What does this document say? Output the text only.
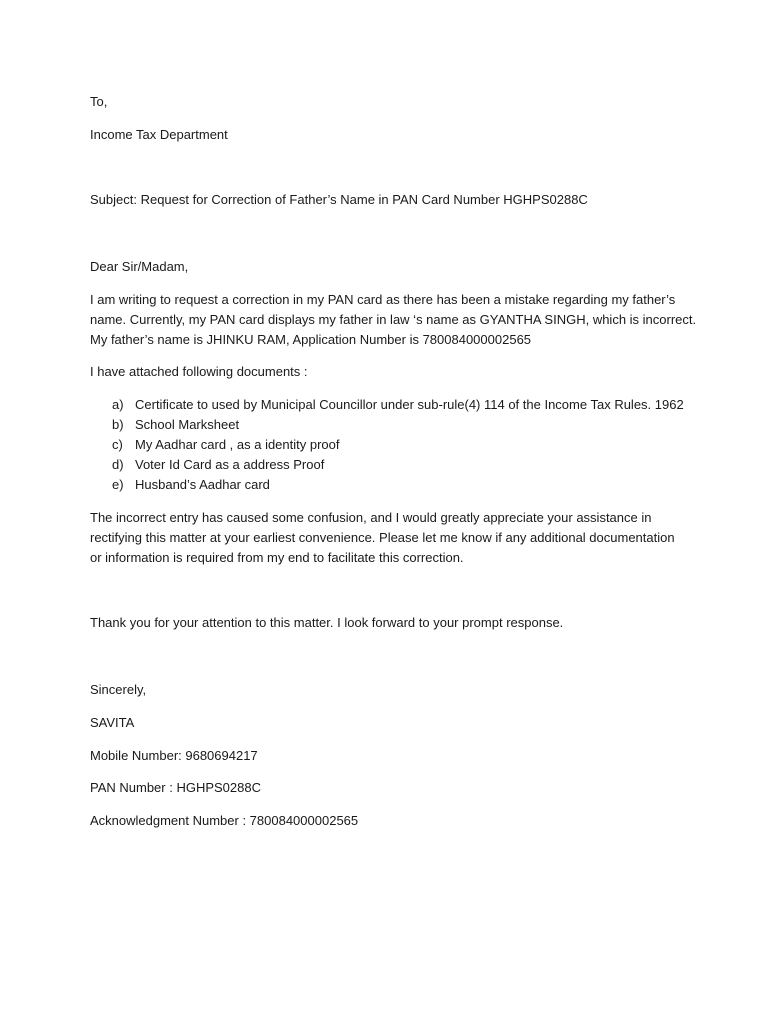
To,
Income Tax Department
Subject: Request for Correction of Father’s Name in PAN Card Number HGHPS0288C
Dear Sir/Madam,
I am writing to request a correction in my PAN card as there has been a mistake regarding my father’s
name. Currently, my PAN card displays my father in law ‘s name as GYANTHA SINGH, which is incorrect.
My father’s name is JHINKU RAM, Application Number is 780084000002565
I have attached following documents :
a) Certificate to used by Municipal Councillor under sub-rule(4) 114 of the Income Tax Rules. 1962
b) School Marksheet
c) My Aadhar card , as a identity proof
d) Voter Id Card as a address Proof
e) Husband’s Aadhar card
The incorrect entry has caused some confusion, and I would greatly appreciate your assistance in
rectifying this matter at your earliest convenience. Please let me know if any additional documentation
or information is required from my end to facilitate this correction.
Thank you for your attention to this matter. I look forward to your prompt response.
Sincerely,
SAVITA
Mobile Number: 9680694217
PAN Number : HGHPS0288C
Acknowledgment Number : 780084000002565
